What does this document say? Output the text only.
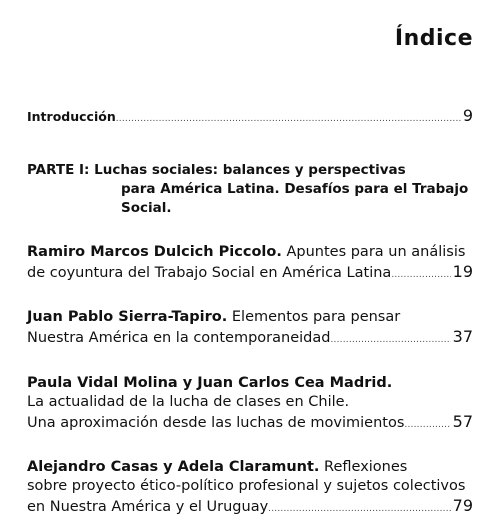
Índice
Introducción .....	9
PARTE I: Luchas sociales: balances y perspectivas
para América Latina. Desafíos para el Trabajo Social.
Ramiro Marcos Dulcich Piccolo. Apuntes para un análisis
de coyuntura del Trabajo Social en América Latina .....	19
Juan Pablo Sierra-Tapiro. Elementos para pensar
Nuestra América en la contemporaneidad .....	37
Paula Vidal Molina y Juan Carlos Cea Madrid.
La actualidad de la lucha de clases en Chile.
Una aproximación desde las luchas de movimientos .....	57
Alejandro Casas y Adela Claramunt. Reflexiones
sobre proyecto ético-político profesional y sujetos colectivos
en Nuestra América y el Uruguay .....	79
